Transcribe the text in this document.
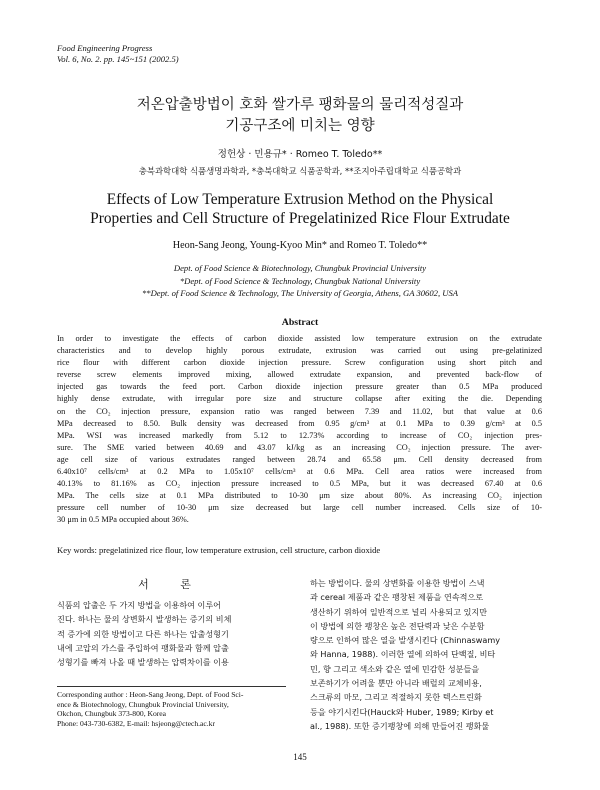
Food Engineering Progress
Vol. 6, No. 2. pp. 145~151 (2002.5)
저온압출방법이 호화 쌀가루 팽화물의 물리적성질과
기공구조에 미치는 영향
정헌상 · 민용규* · Romeo T. Toledo**
충북과학대학 식품생명과학과, *충북대학교 식품공학과, **조지아주립대학교 식품공학과
Effects of Low Temperature Extrusion Method on the Physical
Properties and Cell Structure of Pregelatinized Rice Flour Extrudate
Heon-Sang Jeong, Young-Kyoo Min* and Romeo T. Toledo**
Dept. of Food Science & Biotechnology, Chungbuk Provincial University
*Dept. of Food Science & Technology, Chungbuk National University
**Dept. of Food Science & Technology, The University of Georgia, Athens, GA 30602, USA
Abstract
In order to investigate the effects of carbon dioxide assisted low temperature extrusion on the extrudate
characteristics and to develop highly porous extrudate, extrusion was carried out using pre-gelatinized
rice flour with different carbon dioxide injection pressure. Screw configuration using short pitch and
reverse screw elements improved mixing, allowed extrudate expansion, and prevented back-flow of
injected gas towards the feed port. Carbon dioxide injection pressure greater than 0.5 MPa produced
highly dense extrudate, with irregular pore size and structure collapse after exiting the die. Depending
on the CO₂ injection pressure, expansion ratio was ranged between 7.39 and 11.02, but that value at 0.6
MPa decreased to 8.50. Bulk density was decreased from 0.95 g/cm³ at 0.1 MPa to 0.39 g/cm³ at 0.5
MPa. WSI was increased markedly from 5.12 to 12.73% according to increase of CO₂ injection pres-
sure. The SME varied between 40.69 and 43.07 kJ/kg as an increasing CO₂ injection pressure. The aver-
age cell size of various extrudates ranged between 28.74 and 65.58 μm. Cell density decreased from
6.40x10⁷ cells/cm³ at 0.2 MPa to 1.05x10⁷ cells/cm³ at 0.6 MPa. Cell area ratios were increased from
40.13% to 81.16% as CO₂ injection pressure increased to 0.5 MPa, but it was decreased 67.40 at 0.6
MPa. The cells size at 0.1 MPa distributed to 10-30 μm size about 80%. As increasing CO₂ injection
pressure cell number of 10-30 μm size decreased but large cell number increased. Cells size of 10-
30 μm in 0.5 MPa occupied about 36%.
Key words: pregelatinized rice flour, low temperature extrusion, cell structure, carbon dioxide
서 론
식품의 압출은 두 가지 방법을 이용하여 이루어
진다. 하나는 물의 상변화시 발생하는 증기의 비체
적 증가에 의한 방법이고 다른 하나는 압출성형기
내에 고압의 가스를 주입하여 팽화물과 함께 압출
성형기를 빠져 나올 때 발생하는 압력차이를 이용
하는 방법이다. 물의 상변화를 이용한 방법이 스낵
과 cereal 제품과 같은 팽창된 제품을 연속적으로
생산하기 위하여 일반적으로 널리 사용되고 있지만
이 방법에 의한 팽창은 높은 전단력과 낮은 수분함
량으로 인하여 많은 열을 발생시킨다 (Chinnaswamy
와 Hanna, 1988). 이러한 열에 의하여 단백질, 비타
민, 향 그리고 색소와 같은 열에 민감한 성분들을
보존하기가 어려울 뿐만 아니라 배럴의 교체비용,
스크류의 마모, 그리고 적절하지 못한 텍스트린화
등을 야기시킨다(Hauck와 Huber, 1989; Kirby et
al., 1988). 또한 증기팽창에 의해 만들어진 팽화물
Corresponding author : Heon-Sang Jeong, Dept. of Food Sci-
ence & Biotechnology, Chungbuk Provincial University,
Okchon, Chungbuk 373-800, Korea
Phone: 043-730-6382, E-mail: hsjeong@ctech.ac.kr
145
